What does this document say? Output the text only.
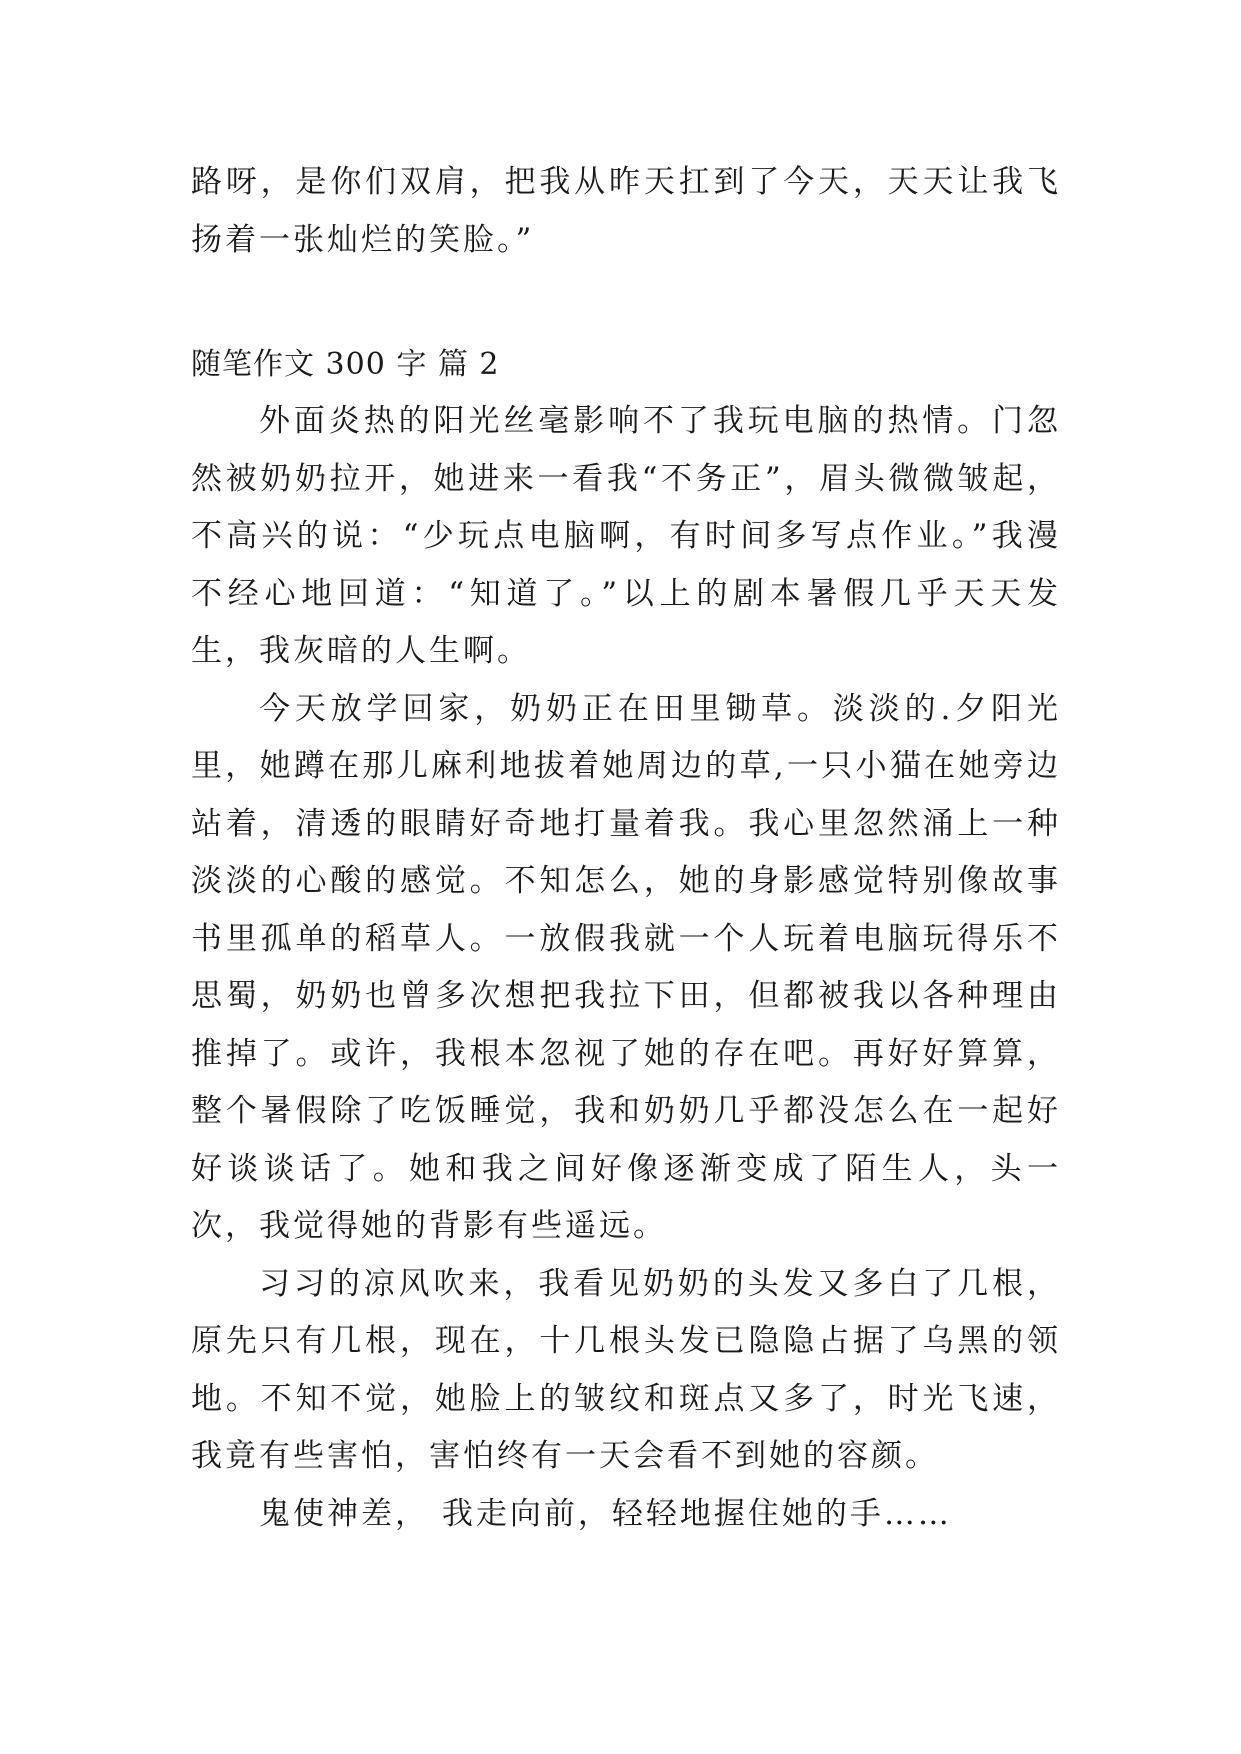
路呀，是你们双肩，把我从昨天扛到了今天，天天让我飞扬着一张灿烂的笑脸。”

随笔作文 300 字 篇 2

外面炎热的阳光丝毫影响不了我玩电脑的热情。门忽然被奶奶拉开，她进来一看我“不务正”，眉头微微皱起，不高兴的说：“少玩点电脑啊，有时间多写点作业。”我漫不经心地回道：“知道了。”以上的剧本暑假几乎天天发生，我灰暗的人生啊。

今天放学回家，奶奶正在田里锄草。淡淡的.夕阳光里，她蹲在那儿麻利地拔着她周边的草,一只小猫在她旁边站着，清透的眼睛好奇地打量着我。我心里忽然涌上一种淡淡的心酸的感觉。不知怎么，她的身影感觉特别像故事书里孤单的稻草人。一放假我就一个人玩着电脑玩得乐不思蜀，奶奶也曾多次想把我拉下田，但都被我以各种理由推掉了。或许，我根本忽视了她的存在吧。再好好算算，整个暑假除了吃饭睡觉，我和奶奶几乎都没怎么在一起好好谈谈话了。她和我之间好像逐渐变成了陌生人，头一次，我觉得她的背影有些遥远。

习习的凉风吹来，我看见奶奶的头发又多白了几根，原先只有几根，现在，十几根头发已隐隐占据了乌黑的领地。不知不觉，她脸上的皱纹和斑点又多了，时光飞速，我竟有些害怕，害怕终有一天会看不到她的容颜。

鬼使神差， 我走向前，轻轻地握住她的手……
